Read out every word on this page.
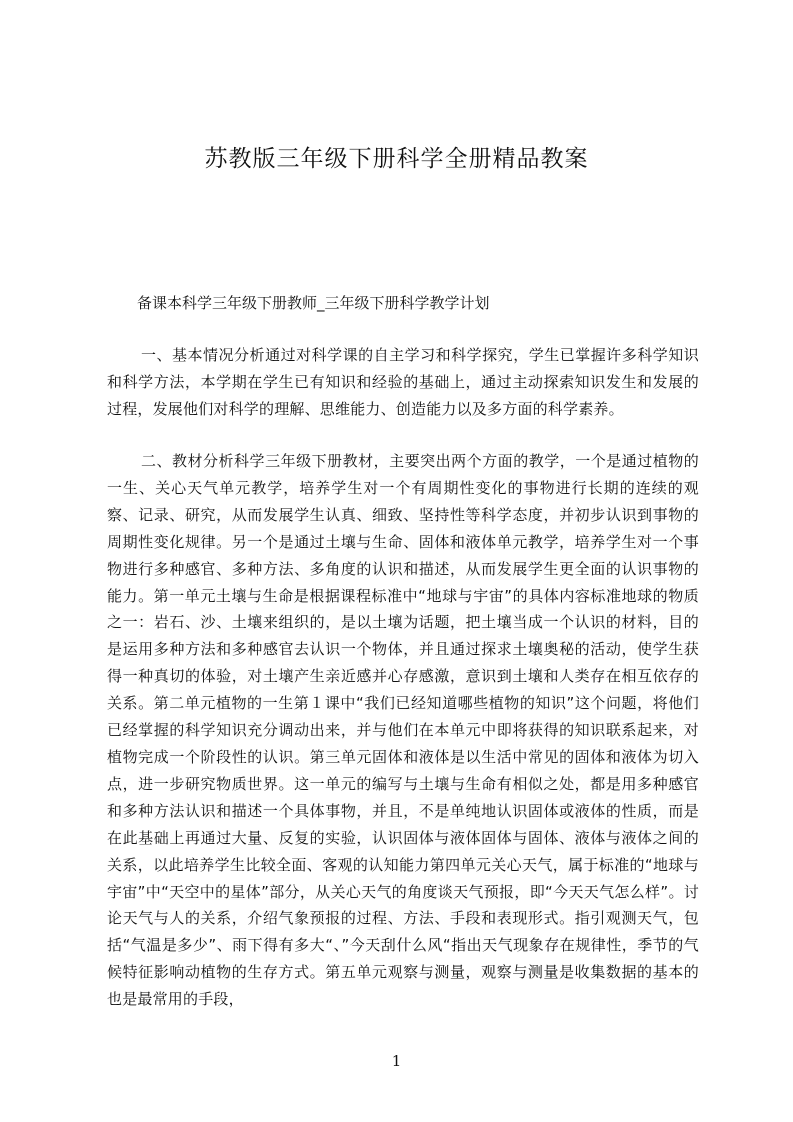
苏教版三年级下册科学全册精品教案

备课本科学三年级下册教师_三年级下册科学教学计划

一、基本情况分析通过对科学课的自主学习和科学探究，学生已掌握许多科学知识和科学方法，本学期在学生已有知识和经验的基础上，通过主动探索知识发生和发展的过程，发展他们对科学的理解、思维能力、创造能力以及多方面的科学素养。

二、教材分析科学三年级下册教材，主要突出两个方面的教学，一个是通过植物的一生、关心天气单元教学，培养学生对一个有周期性变化的事物进行长期的连续的观察、记录、研究，从而发展学生认真、细致、坚持性等科学态度，并初步认识到事物的周期性变化规律。另一个是通过土壤与生命、固体和液体单元教学，培养学生对一个事物进行多种感官、多种方法、多角度的认识和描述，从而发展学生更全面的认识事物的能力。第一单元土壤与生命是根据课程标准中“地球与宇宙”的具体内容标准地球的物质之一：岩石、沙、土壤来组织的，是以土壤为话题，把土壤当成一个认识的材料，目的是运用多种方法和多种感官去认识一个物体，并且通过探求土壤奥秘的活动，使学生获得一种真切的体验，对土壤产生亲近感并心存感激，意识到土壤和人类存在相互依存的关系。第二单元植物的一生第１课中“我们已经知道哪些植物的知识”这个问题，将他们已经掌握的科学知识充分调动出来，并与他们在本单元中即将获得的知识联系起来，对植物完成一个阶段性的认识。第三单元固体和液体是以生活中常见的固体和液体为切入点，进一步研究物质世界。这一单元的编写与土壤与生命有相似之处，都是用多种感官和多种方法认识和描述一个具体事物，并且，不是单纯地认识固体或液体的性质，而是在此基础上再通过大量、反复的实验，认识固体与液体固体与固体、液体与液体之间的关系，以此培养学生比较全面、客观的认知能力第四单元关心天气，属于标准的“地球与宇宙”中“天空中的星体”部分，从关心天气的角度谈天气预报，即“今天天气怎么样”。讨论天气与人的关系，介绍气象预报的过程、方法、手段和表现形式。指引观测天气，包括“气温是多少”、雨下得有多大“、”今天刮什么风“指出天气现象存在规律性，季节的气候特征影响动植物的生存方式。第五单元观察与测量，观察与测量是收集数据的基本的也是最常用的手段，

1
